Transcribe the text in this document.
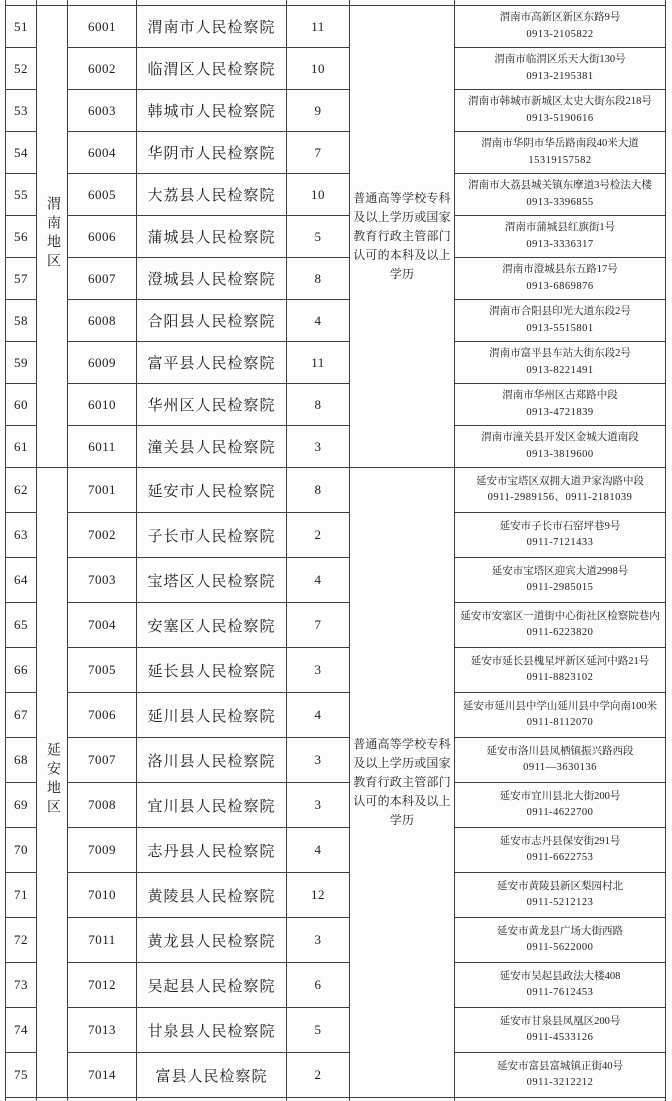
51	渭南地区	6001	渭南市人民检察院	11	普通高等学校专科及以上学历或国家教育行政主管部门认可的本科及以上学历	渭南市高新区新区东路9号
0913-2105822

52		6002	临渭区人民检察院	10		渭南市临渭区乐天大街130号
0913-2195381

53		6003	韩城市人民检察院	9		渭南市韩城市新城区太史大街东段218号
0913-5190616

54		6004	华阴市人民检察院	7		渭南市华阴市华岳路南段40米大道
15319157582

55		6005	大荔县人民检察院	10		渭南市大荔县城关镇东摩道3号检法大楼
0913-3396855

56		6006	蒲城县人民检察院	5		渭南市蒲城县红旗街1号
0913-3336317

57		6007	澄城县人民检察院	8		渭南市澄城县东五路17号
0913-6869876

58		6008	合阳县人民检察院	4		渭南市合阳县印光大道东段2号
0913-5515801

59		6009	富平县人民检察院	11		渭南市富平县车站大街东段2号
0913-8221491

60		6010	华州区人民检察院	8		渭南市华州区古郑路中段
0913-4721839

61		6011	潼关县人民检察院	3		渭南市潼关县开发区金城大道南段
0913-3819600

62	延安地区	7001	延安市人民检察院	8	普通高等学校专科及以上学历或国家教育行政主管部门认可的本科及以上学历	延安市宝塔区双拥大道尹家沟路中段
0911-2989156、0911-2181039

63		7002	子长市人民检察院	2		延安市子长市石窑坪巷9号
0911-7121433

64		7003	宝塔区人民检察院	4		延安市宝塔区迎宾大道2998号
0911-2985015

65		7004	安塞区人民检察院	7		延安市安塞区一道街中心街社区检察院巷内
0911-6223820

66		7005	延长县人民检察院	3		延安市延长县槐星坪新区延河中路21号
0911-8823102

67		7006	延川县人民检察院	4		延安市延川县中学山延川县中学向南100米
0911-8112070

68		7007	洛川县人民检察院	3		延安市洛川县凤栖镇振兴路西段
0911—3630136

69		7008	宜川县人民检察院	3		延安市宜川县北大街200号
0911-4622700

70		7009	志丹县人民检察院	4		延安市志丹县保安街291号
0911-6622753

71		7010	黄陵县人民检察院	12		延安市黄陵县新区梨园村北
0911-5212123

72		7011	黄龙县人民检察院	3		延安市黄龙县广场大街西路
0911-5622000

73		7012	吴起县人民检察院	6		延安市吴起县政法大楼408
0911-7612453

74		7013	甘泉县人民检察院	5		延安市甘泉县凤凰区200号
0911-4533126

75		7014	富县人民检察院	2		延安市富县富城镇正街40号
0911-3212212
